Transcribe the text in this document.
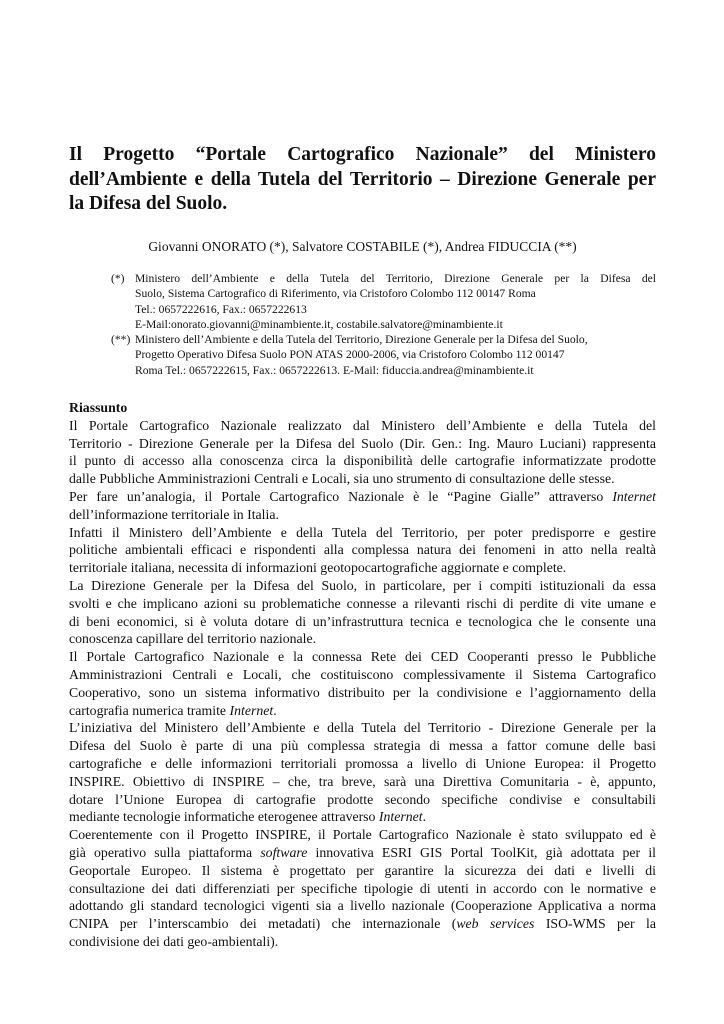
Il Progetto “Portale Cartografico Nazionale” del Ministero
dell’Ambiente e della Tutela del Territorio – Direzione Generale per
la Difesa del Suolo.

Giovanni ONORATO (*), Salvatore COSTABILE (*), Andrea FIDUCCIA (**)

(*) Ministero dell’Ambiente e della Tutela del Territorio, Direzione Generale per la Difesa del
Suolo, Sistema Cartografico di Riferimento, via Cristoforo Colombo 112 00147 Roma
Tel.: 0657222616, Fax.: 0657222613
E-Mail:onorato.giovanni@minambiente.it, costabile.salvatore@minambiente.it
(**) Ministero dell’Ambiente e della Tutela del Territorio, Direzione Generale per la Difesa del Suolo,
Progetto Operativo Difesa Suolo PON ATAS 2000-2006, via Cristoforo Colombo 112 00147
Roma Tel.: 0657222615, Fax.: 0657222613. E-Mail: fiduccia.andrea@minambiente.it
Riassunto

Il Portale Cartografico Nazionale realizzato dal Ministero dell’Ambiente e della Tutela del
Territorio - Direzione Generale per la Difesa del Suolo (Dir. Gen.: Ing. Mauro Luciani) rappresenta
il punto di accesso alla conoscenza circa la disponibilità delle cartografie informatizzate prodotte
dalle Pubbliche Amministrazioni Centrali e Locali, sia uno strumento di consultazione delle stesse.

Per fare un’analogia, il Portale Cartografico Nazionale è le “Pagine Gialle” attraverso Internet
dell’informazione territoriale in Italia.

Infatti il Ministero dell’Ambiente e della Tutela del Territorio, per poter predisporre e gestire
politiche ambientali efficaci e rispondenti alla complessa natura dei fenomeni in atto nella realtà
territoriale italiana, necessita di informazioni geotopocartografiche aggiornate e complete.

La Direzione Generale per la Difesa del Suolo, in particolare, per i compiti istituzionali da essa
svolti e che implicano azioni su problematiche connesse a rilevanti rischi di perdite di vite umane e
di beni economici, si è voluta dotare di un’infrastruttura tecnica e tecnologica che le consente una
conoscenza capillare del territorio nazionale.

Il Portale Cartografico Nazionale e la connessa Rete dei CED Cooperanti presso le Pubbliche
Amministrazioni Centrali e Locali, che costituiscono complessivamente il Sistema Cartografico
Cooperativo, sono un sistema informativo distribuito per la condivisione e l’aggiornamento della
cartografia numerica tramite Internet.

L’iniziativa del Ministero dell’Ambiente e della Tutela del Territorio - Direzione Generale per la
Difesa del Suolo è parte di una più complessa strategia di messa a fattor comune delle basi
cartografiche e delle informazioni territoriali promossa a livello di Unione Europea: il Progetto
INSPIRE. Obiettivo di INSPIRE – che, tra breve, sarà una Direttiva Comunitaria - è, appunto,
dotare l’Unione Europea di cartografie prodotte secondo specifiche condivise e consultabili
mediante tecnologie informatiche eterogenee attraverso Internet.

Coerentemente con il Progetto INSPIRE, il Portale Cartografico Nazionale è stato sviluppato ed è
già operativo sulla piattaforma software innovativa ESRI GIS Portal ToolKit, già adottata per il
Geoportale Europeo. Il sistema è progettato per garantire la sicurezza dei dati e livelli di
consultazione dei dati differenziati per specifiche tipologie di utenti in accordo con le normative e
adottando gli standard tecnologici vigenti sia a livello nazionale (Cooperazione Applicativa a norma
CNIPA per l’interscambio dei metadati) che internazionale (web services ISO-WMS per la
condivisione dei dati geo-ambientali).
